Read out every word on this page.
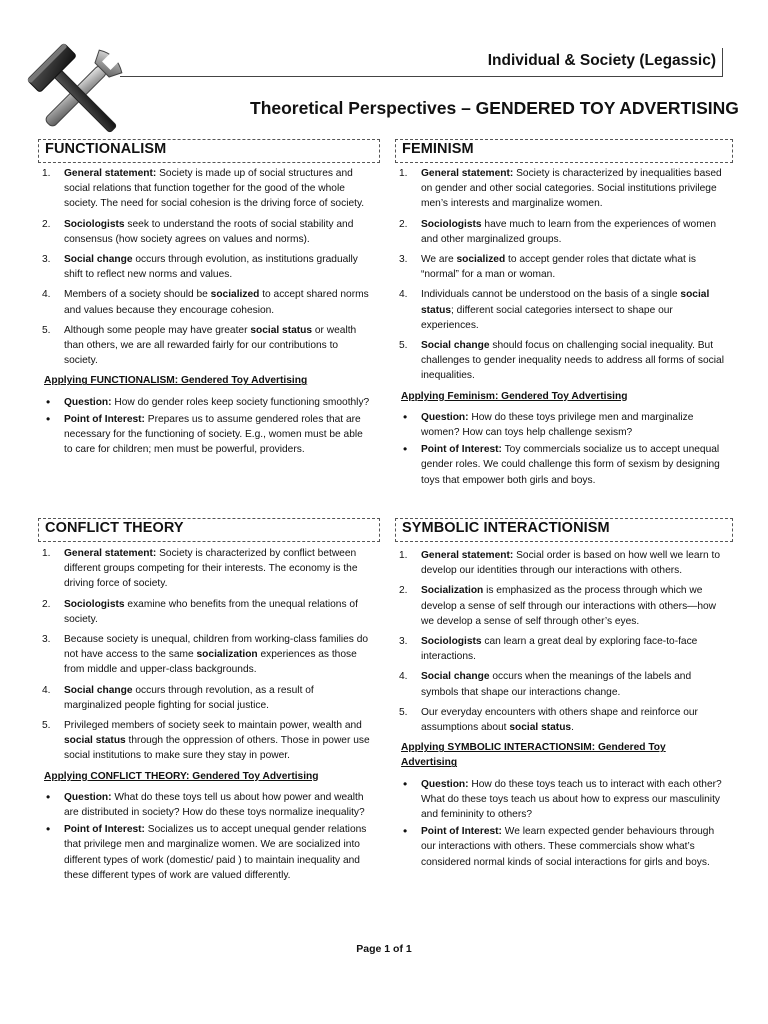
Individual & Society (Legassic)
Theoretical Perspectives – GENDERED TOY ADVERTISING
FUNCTIONALISM	FEMINISM
CONFLICT THEORY	SYMBOLIC INTERACTIONISM
1. General statement: Society is made up of social structures and social relations that function together for the good of the whole society. The need for social cohesion is the driving force of society.
2. Sociologists seek to understand the roots of social stability and consensus (how society agrees on values and norms).
3. Social change occurs through evolution, as institutions gradually shift to reflect new norms and values.
4. Members of a society should be socialized to accept shared norms and values because they encourage cohesion.
5. Although some people may have greater social status or wealth than others, we are all rewarded fairly for our contributions to society.
Applying FUNCTIONALISM: Gendered Toy Advertising
• Question: How do gender roles keep society functioning smoothly?
• Point of Interest: Prepares us to assume gendered roles that are necessary for the functioning of society. E.g., women must be able to care for children; men must be powerful, providers.
1. General statement: Society is characterized by inequalities based on gender and other social categories. Social institutions privilege men’s interests and marginalize women.
2. Sociologists have much to learn from the experiences of women and other marginalized groups.
3. We are socialized to accept gender roles that dictate what is “normal” for a man or woman.
4. Individuals cannot be understood on the basis of a single social status; different social categories intersect to shape our experiences.
5. Social change should focus on challenging social inequality. But challenges to gender inequality needs to address all forms of social inequalities.
Applying Feminism: Gendered Toy Advertising
• Question: How do these toys privilege men and marginalize women? How can toys help challenge sexism?
• Point of Interest: Toy commercials socialize us to accept unequal gender roles. We could challenge this form of sexism by designing toys that empower both girls and boys.
1. General statement: Society is characterized by conflict between different groups competing for their interests. The economy is the driving force of society.
2. Sociologists examine who benefits from the unequal relations of society.
3. Because society is unequal, children from working-class families do not have access to the same socialization experiences as those from middle and upper-class backgrounds.
4. Social change occurs through revolution, as a result of marginalized people fighting for social justice.
5. Privileged members of society seek to maintain power, wealth and social status through the oppression of others. Those in power use social institutions to make sure they stay in power.
Applying CONFLICT THEORY: Gendered Toy Advertising
• Question: What do these toys tell us about how power and wealth are distributed in society? How do these toys normalize inequality?
• Point of Interest: Socializes us to accept unequal gender relations that privilege men and marginalize women. We are socialized into different types of work (domestic/ paid ) to maintain inequality and these different types of work are valued differently.
1. General statement: Social order is based on how well we learn to develop our identities through our interactions with others.
2. Socialization is emphasized as the process through which we develop a sense of self through our interactions with others—how we develop a sense of self through other’s eyes.
3. Sociologists can learn a great deal by exploring face-to-face interactions.
4. Social change occurs when the meanings of the labels and symbols that shape our interactions change.
5. Our everyday encounters with others shape and reinforce our assumptions about social status.
Applying SYMBOLIC INTERACTIONSIM: Gendered Toy Advertising
• Question: How do these toys teach us to interact with each other? What do these toys teach us about how to express our masculinity and femininity to others?
• Point of Interest: We learn expected gender behaviours through our interactions with others. These commercials show what’s considered normal kinds of social interactions for girls and boys.
Page 1 of 1
